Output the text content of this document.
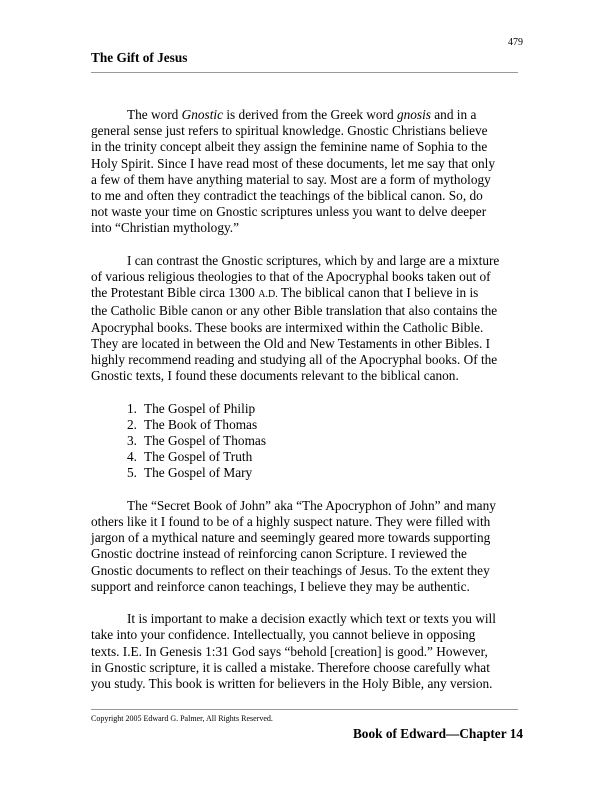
479
The Gift of Jesus

The word Gnostic is derived from the Greek word gnosis and in a
general sense just refers to spiritual knowledge. Gnostic Christians believe
in the trinity concept albeit they assign the feminine name of Sophia to the
Holy Spirit. Since I have read most of these documents, let me say that only
a few of them have anything material to say. Most are a form of mythology
to me and often they contradict the teachings of the biblical canon. So, do
not waste your time on Gnostic scriptures unless you want to delve deeper
into “Christian mythology.”

I can contrast the Gnostic scriptures, which by and large are a mixture
of various religious theologies to that of the Apocryphal books taken out of
the Protestant Bible circa 1300 A.D. The biblical canon that I believe in is
the Catholic Bible canon or any other Bible translation that also contains the
Apocryphal books. These books are intermixed within the Catholic Bible.
They are located in between the Old and New Testaments in other Bibles. I
highly recommend reading and studying all of the Apocryphal books. Of the
Gnostic texts, I found these documents relevant to the biblical canon.

1. The Gospel of Philip
2. The Book of Thomas
3. The Gospel of Thomas
4. The Gospel of Truth
5. The Gospel of Mary

The “Secret Book of John” aka “The Apocryphon of John” and many
others like it I found to be of a highly suspect nature. They were filled with
jargon of a mythical nature and seemingly geared more towards supporting
Gnostic doctrine instead of reinforcing canon Scripture. I reviewed the
Gnostic documents to reflect on their teachings of Jesus. To the extent they
support and reinforce canon teachings, I believe they may be authentic.

It is important to make a decision exactly which text or texts you will
take into your confidence. Intellectually, you cannot believe in opposing
texts. I.E. In Genesis 1:31 God says “behold [creation] is good.” However,
in Gnostic scripture, it is called a mistake. Therefore choose carefully what
you study. This book is written for believers in the Holy Bible, any version.

Copyright 2005 Edward G. Palmer, All Rights Reserved.
Book of Edward—Chapter 14
